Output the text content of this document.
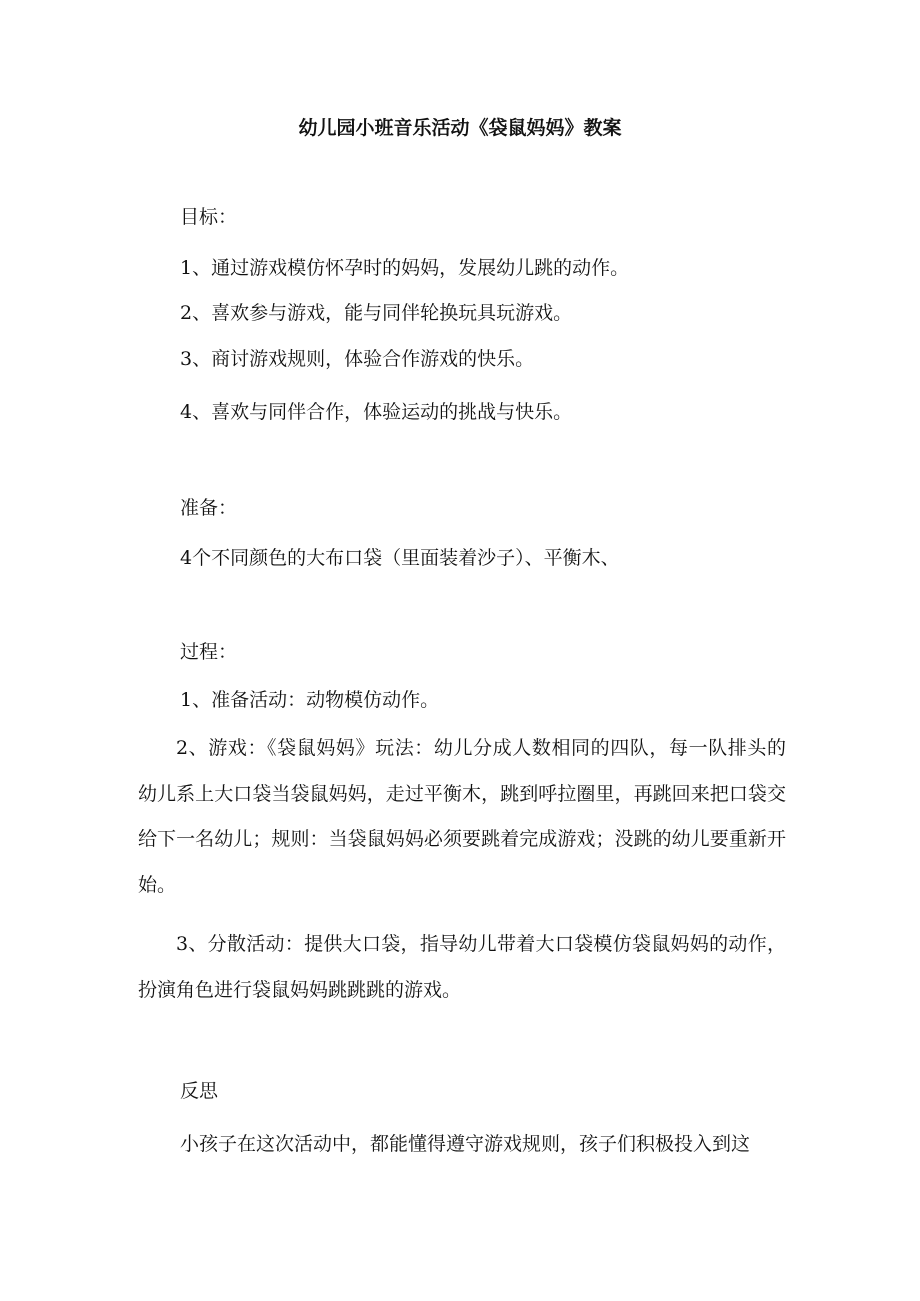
幼儿园小班音乐活动《袋鼠妈妈》教案
目标：
1、通过游戏模仿怀孕时的妈妈，发展幼儿跳的动作。
2、喜欢参与游戏，能与同伴轮换玩具玩游戏。
3、商讨游戏规则，体验合作游戏的快乐。
4、喜欢与同伴合作，体验运动的挑战与快乐。
准备：
4个不同颜色的大布口袋（里面装着沙子）、平衡木、
过程：
1、准备活动：动物模仿动作。
2、游戏：《袋鼠妈妈》玩法：幼儿分成人数相同的四队，每一队排头的幼儿系上大口袋当袋鼠妈妈，走过平衡木，跳到呼拉圈里，再跳回来把口袋交给下一名幼儿；规则：当袋鼠妈妈必须要跳着完成游戏；没跳的幼儿要重新开始。
3、分散活动：提供大口袋，指导幼儿带着大口袋模仿袋鼠妈妈的动作，扮演角色进行袋鼠妈妈跳跳跳的游戏。
反思
小孩子在这次活动中，都能懂得遵守游戏规则，孩子们积极投入到这
